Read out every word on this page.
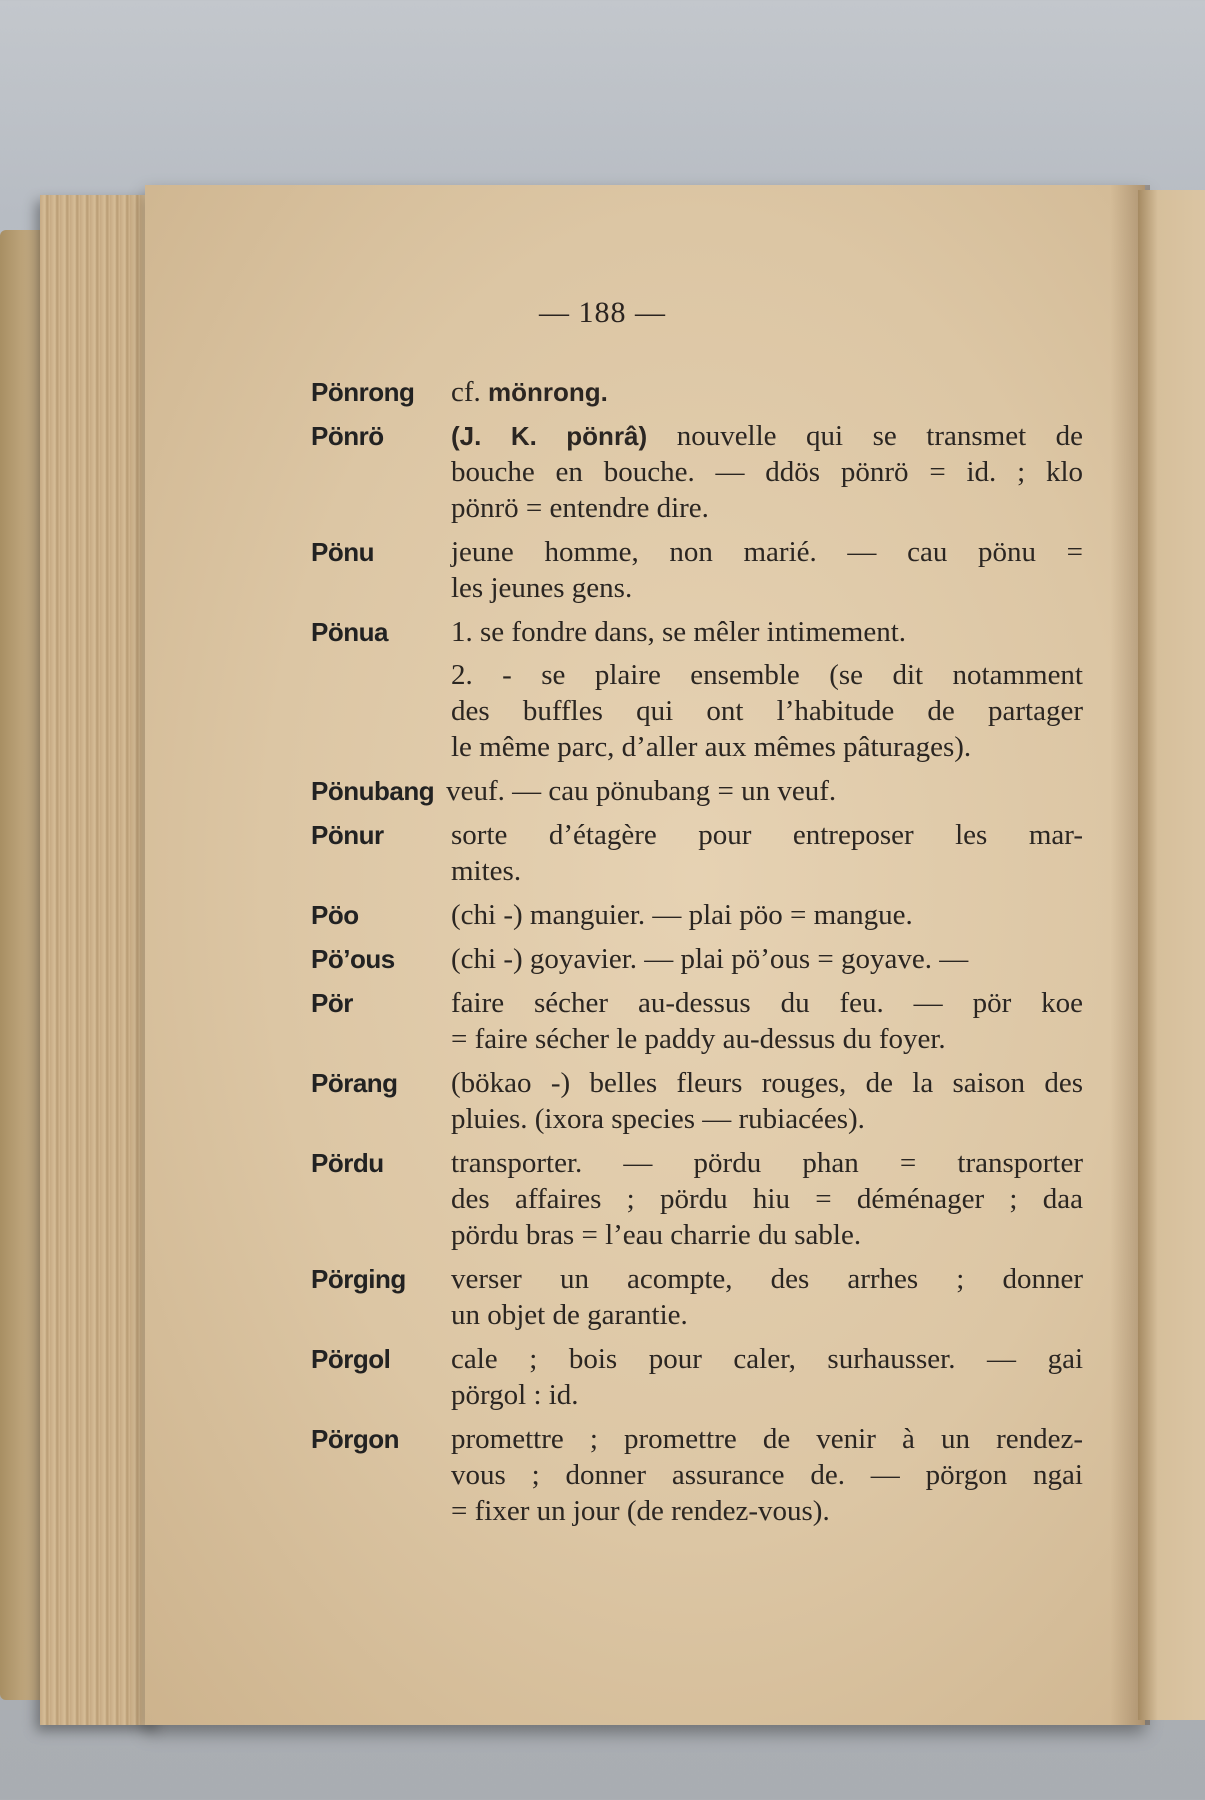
— 188 —
Pönrong	cf. mönrong.
Pönrö	(J. K. pönrâ) nouvelle qui se transmet de
bouche en bouche. — ddös pönrö = id. ; klo
pönrö = entendre dire.
Pönu	jeune homme, non marié. — cau pönu =
les jeunes gens.
Pönua	1. se fondre dans, se mêler intimement.
2. - se plaire ensemble (se dit notamment
des buffles qui ont l’habitude de partager
le même parc, d’aller aux mêmes pâturages).
Pönubang veuf. — cau pönubang = un veuf.
Pönur	sorte d’étagère pour entreposer les mar-
mites.
Pöo	(chi -) manguier. — plai pöo = mangue.
Pö’ous	(chi -) goyavier. — plai pö’ous = goyave. —
Pör	faire sécher au-dessus du feu. — pör koe
= faire sécher le paddy au-dessus du foyer.
Pörang	(bökao -) belles fleurs rouges, de la saison des
pluies. (ixora species — rubiacées).
Pördu	transporter. — pördu phan = transporter
des affaires ; pördu hiu = déménager ; daa
pördu bras = l’eau charrie du sable.
Pörging	verser un acompte, des arrhes ; donner
un objet de garantie.
Pörgol	cale ; bois pour caler, surhausser. — gai
pörgol : id.
Pörgon	promettre ; promettre de venir à un rendez-
vous ; donner assurance de. — pörgon ngai
= fixer un jour (de rendez-vous).
